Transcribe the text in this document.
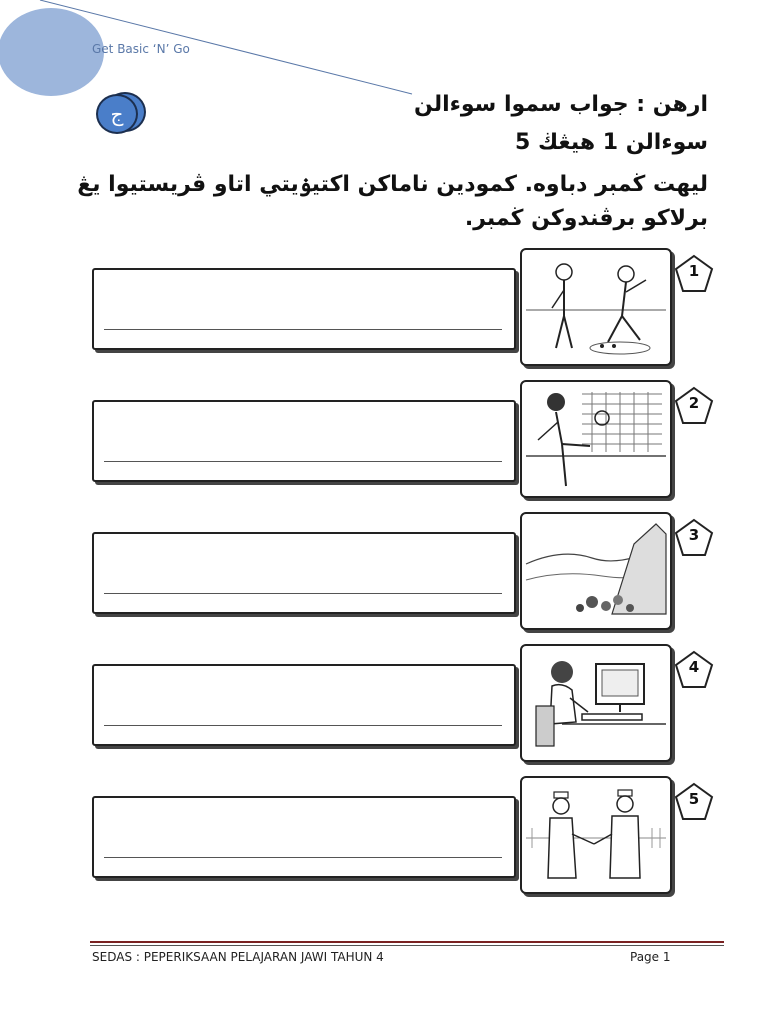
Get Basic ‘N’ Go
ج	ارهن : جواب سموا سوءالن
سوءالن 1 هيڠڬ 5
ليهت ڬمبر دباوه. كمودين ناماكن اكتيۏيتي اتاو ڤريستيوا يڠ برلاكو برڤندوكن ڬمبر.
1
2
3
4
5
SEDAS : PEPERIKSAAN PELAJARAN JAWI TAHUN 4	Page 1
